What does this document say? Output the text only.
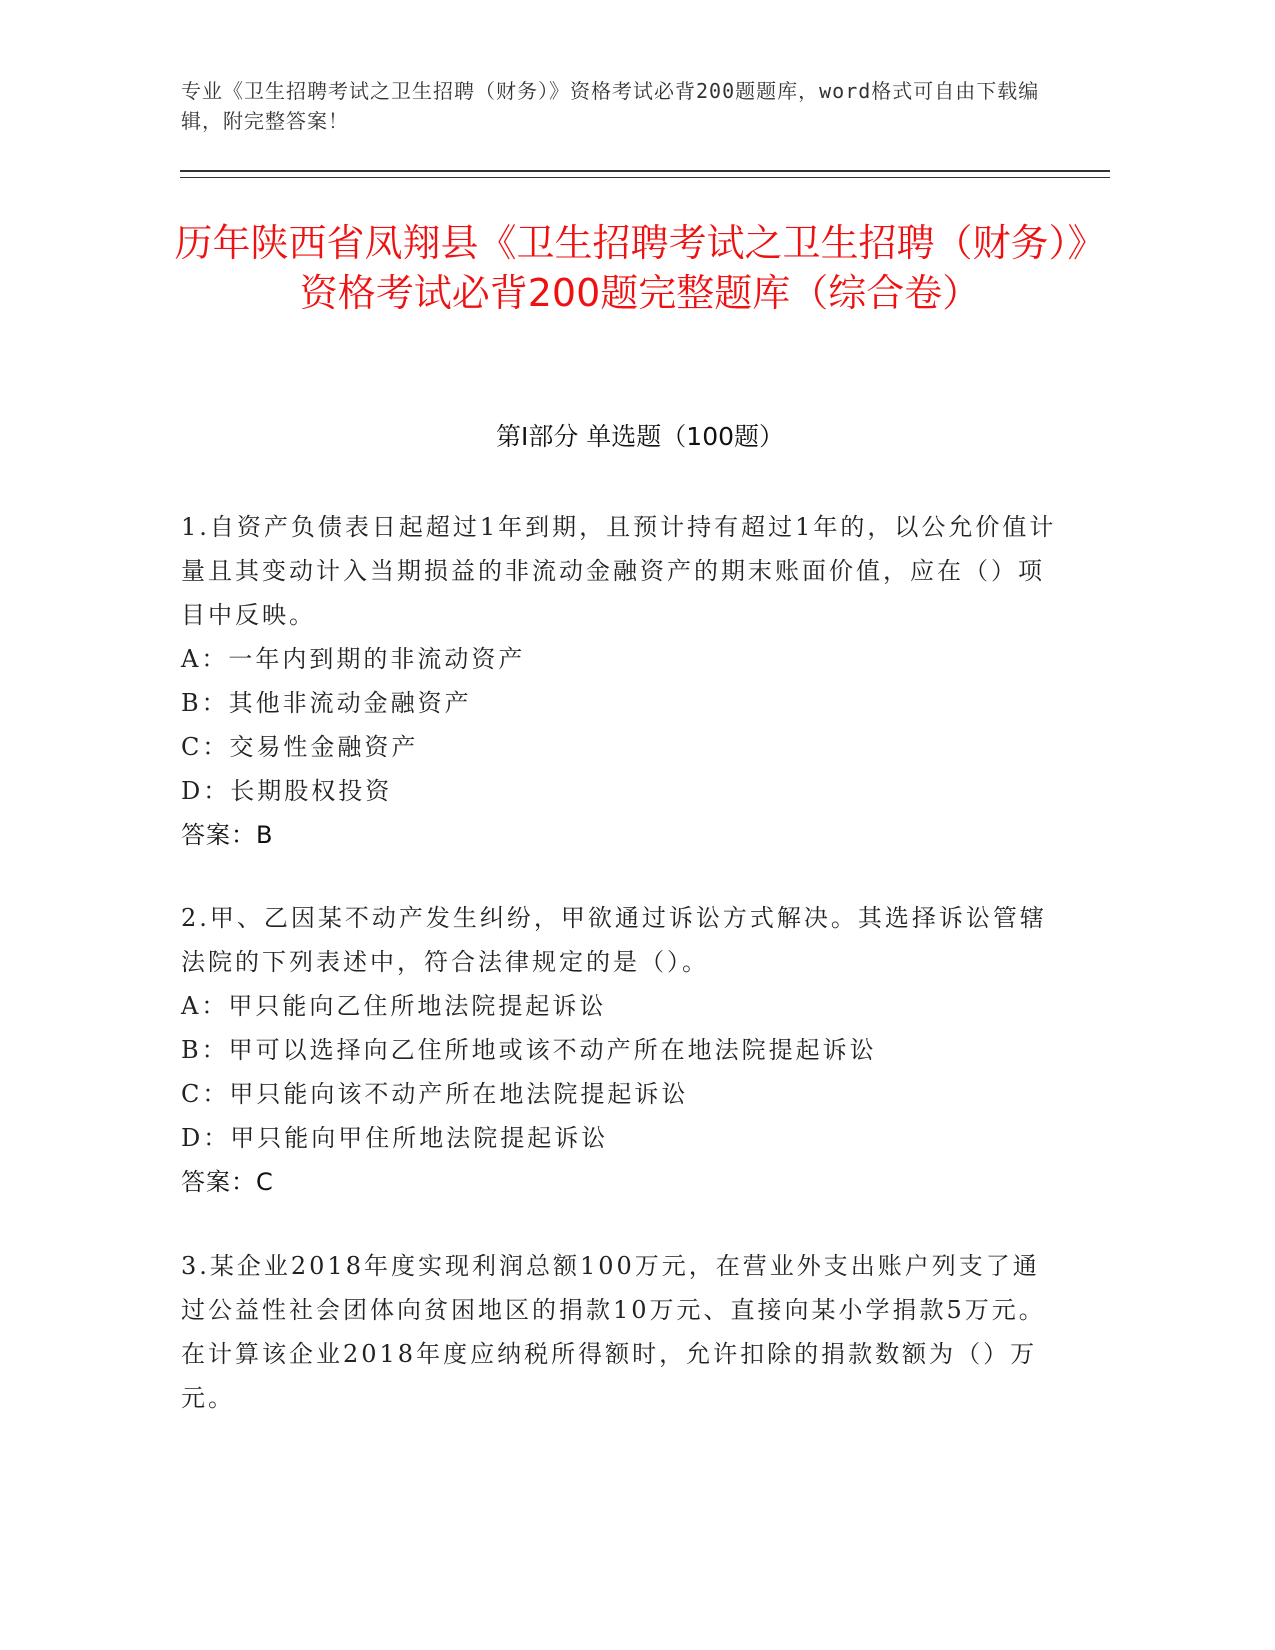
专业《卫生招聘考试之卫生招聘（财务）》资格考试必背200题题库，word格式可自由下载编辑，附完整答案！
历年陕西省凤翔县《卫生招聘考试之卫生招聘（财务）》资格考试必背200题完整题库（综合卷）
第Ⅰ部分 单选题（100题）
1.自资产负债表日起超过1年到期，且预计持有超过1年的，以公允价值计量且其变动计入当期损益的非流动金融资产的期末账面价值，应在（）项目中反映。
A：一年内到期的非流动资产
B：其他非流动金融资产
C：交易性金融资产
D：长期股权投资
答案：B
2.甲、乙因某不动产发生纠纷，甲欲通过诉讼方式解决。其选择诉讼管辖法院的下列表述中，符合法律规定的是（）。
A：甲只能向乙住所地法院提起诉讼
B：甲可以选择向乙住所地或该不动产所在地法院提起诉讼
C：甲只能向该不动产所在地法院提起诉讼
D：甲只能向甲住所地法院提起诉讼
答案：C
3.某企业2018年度实现利润总额100万元，在营业外支出账户列支了通过公益性社会团体向贫困地区的捐款10万元、直接向某小学捐款5万元。在计算该企业2018年度应纳税所得额时，允许扣除的捐款数额为（）万元。
